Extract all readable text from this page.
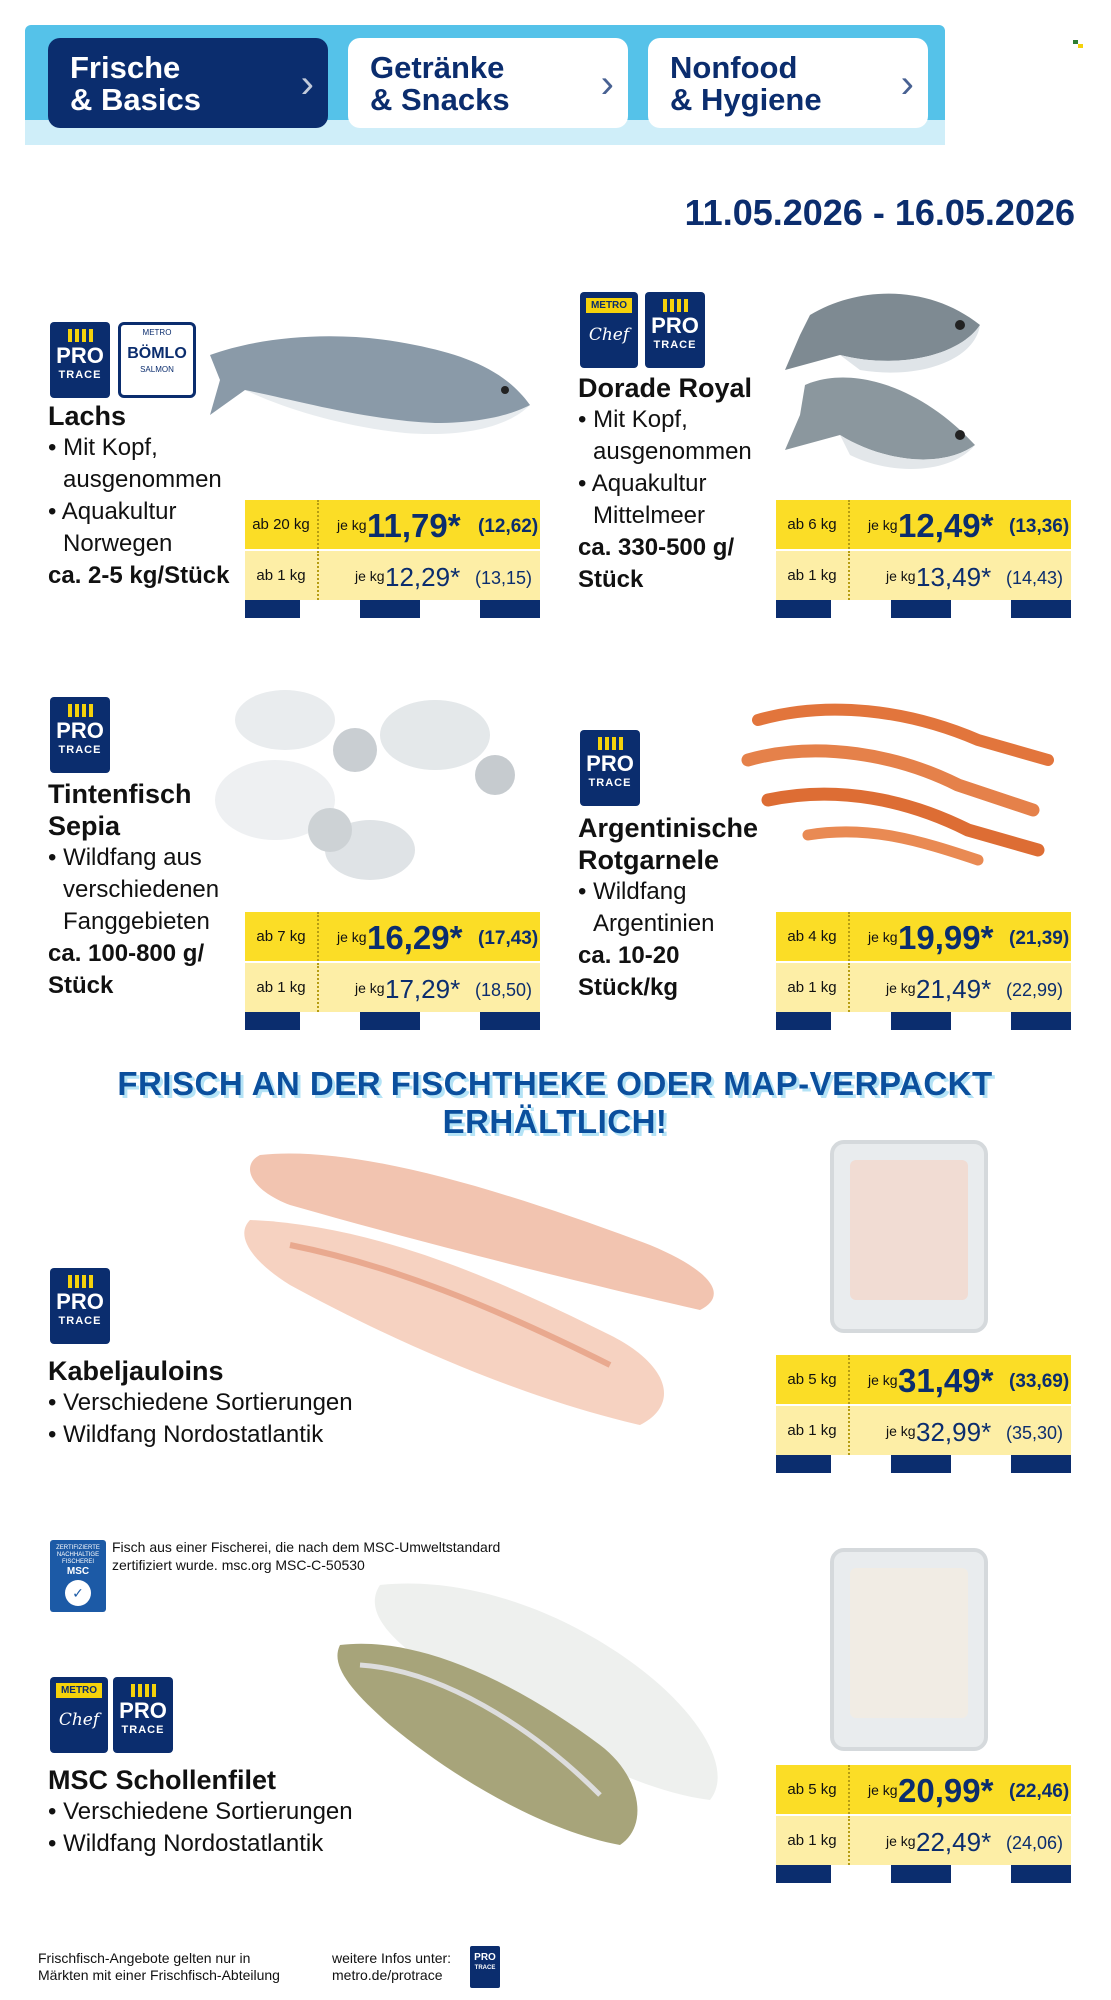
Frische
& Basics	› Getränke
& Snacks	› Nonfood
& Hygiene	›
11.05.2026 - 16.05.2026
PRO
TRACE
METRO
BÖMLO
SALMON
Lachs
• Mit Kopf,
ausgenommen
• Aquakultur
Norwegen
ca. 2-5 kg/Stück
ab 20 kg	je kg 11,79* (12,62)
ab 1 kg	je kg 12,29* (13,15)
METRO
Chef	PRO
TRACE
Dorade Royal
• Mit Kopf,
ausgenommen
• Aquakultur
Mittelmeer
ca. 330-500 g/
Stück
ab 6 kg	je kg 12,49* (13,36)
ab 1 kg	je kg 13,49* (14,43)
PRO
TRACE
Tintenfisch
Sepia
• Wildfang aus
verschiedenen
Fanggebieten
ca. 100-800 g/
Stück
ab 7 kg	je kg 16,29* (17,43)
ab 1 kg	je kg 17,29* (18,50)
PRO
TRACE
Argentinische
Rotgarnele
• Wildfang
Argentinien
ca. 10-20
Stück/kg
ab 4 kg	je kg 19,99* (21,39)
ab 1 kg	je kg 21,49* (22,99)
FRISCH AN DER FISCHTHEKE ODER MAP-VERPACKT ERHÄLTLICH!
PRO
TRACE
Kabeljauloins
• Verschiedene Sortierungen
• Wildfang Nordostatlantik
ab 5 kg	je kg 31,49* (33,69)
ab 1 kg	je kg 32,99* (35,30)
ZERTIFIZIERTE
NACHHALTIGE
FISCHEREI
MSC
✓
Fisch aus einer Fischerei, die nach dem MSC-Umweltstandard
zertifiziert wurde. msc.org MSC-C-50530
METRO
Chef PRO
TRACE
MSC Schollenfilet
• Verschiedene Sortierungen
• Wildfang Nordostatlantik
ab 5 kg	je kg 20,99* (22,46)
ab 1 kg	je kg 22,49* (24,06)
Frischfisch-Angebote gelten nur in
Märkten mit einer Frischfisch-Abteilung
weitere Infos unter:
metro.de/protrace
PRO
TRACE
